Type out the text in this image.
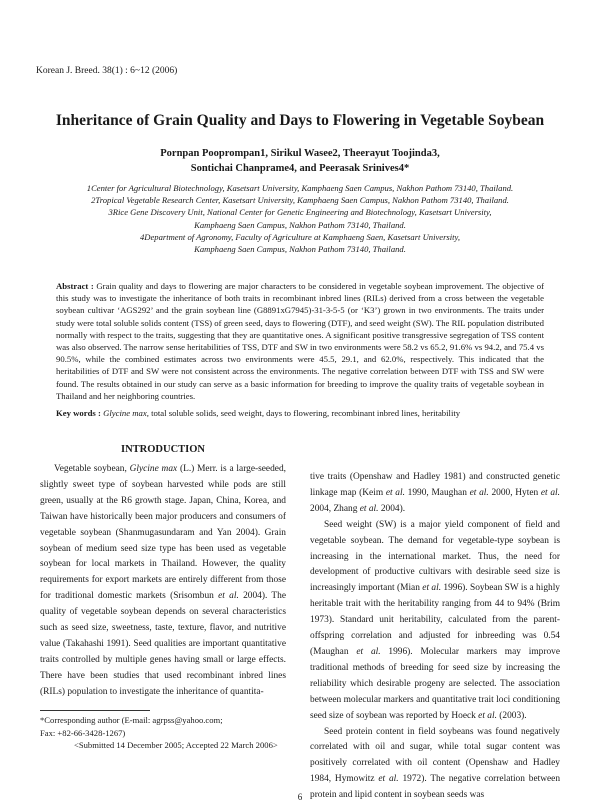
Korean J. Breed. 38(1) : 6~12 (2006)
Inheritance of Grain Quality and Days to Flowering in Vegetable Soybean
Pornpan Pooprompan1, Sirikul Wasee2, Theerayut Toojinda3,
Sontichai Chanprame4, and Peerasak Srinives4*
1Center for Agricultural Biotechnology, Kasetsart University, Kamphaeng Saen Campus, Nakhon Pathom 73140, Thailand.
2Tropical Vegetable Research Center, Kasetsart University, Kamphaeng Saen Campus, Nakhon Pathom 73140, Thailand.
3Rice Gene Discovery Unit, National Center for Genetic Engineering and Biotechnology, Kasetsart University,
Kamphaeng Saen Campus, Nakhon Pathom 73140, Thailand.
4Department of Agronomy, Faculty of Agriculture at Kamphaeng Saen, Kasetsart University,
Kamphaeng Saen Campus, Nakhon Pathom 73140, Thailand.
Abstract : Grain quality and days to flowering are major characters to be considered in vegetable soybean improvement. The objective of this study was to investigate the inheritance of both traits in recombinant inbred lines (RILs) derived from a cross between the vegetable soybean cultivar ‘AGS292’ and the grain soybean line (G8891xG7945)-31-3-5-5 (or ‘K3’) grown in two environments. The traits under study were total soluble solids content (TSS) of green seed, days to flowering (DTF), and seed weight (SW). The RIL population distributed normally with respect to the traits, suggesting that they are quantitative ones. A significant positive transgressive segregation of TSS content was also observed. The narrow sense heritabilities of TSS, DTF and SW in two environments were 58.2 vs 65.2, 91.6% vs 94.2, and 75.4 vs 90.5%, while the combined estimates across two environments were 45.5, 29.1, and 62.0%, respectively. This indicated that the heritabilities of DTF and SW were not consistent across the environments. The negative correlation between DTF with TSS and SW were found. The results obtained in our study can serve as a basic information for breeding to improve the quality traits of vegetable soybean in Thailand and her neighboring countries.
Key words : Glycine max, total soluble solids, seed weight, days to flowering, recombinant inbred lines, heritability
INTRODUCTION

Vegetable soybean, Glycine max (L.) Merr. is a large-seeded, slightly sweet type of soybean harvested while pods are still green, usually at the R6 growth stage. Japan, China, Korea, and Taiwan have historically been major producers and consumers of vegetable soybean (Shanmugasundaram and Yan 2004). Grain soybean of medium seed size type has been used as vegetable soybean for local markets in Thailand. However, the quality requirements for export markets are entirely different from those for traditional domestic markets (Srisombun et al. 2004). The quality of vegetable soybean depends on several characteristics such as seed size, sweetness, taste, texture, flavor, and nutritive value (Takahashi 1991). Seed qualities are important quantitative traits controlled by multiple genes having small or large effects. There have been studies that used recombinant inbred lines (RILs) population to investigate the inheritance of quantita-

tive traits (Openshaw and Hadley 1981) and constructed genetic linkage map (Keim et al. 1990, Maughan et al. 2000, Hyten et al. 2004, Zhang et al. 2004).

Seed weight (SW) is a major yield component of field and vegetable soybean. The demand for vegetable-type soybean is increasing in the international market. Thus, the need for development of productive cultivars with desirable seed size is increasingly important (Mian et al. 1996). Soybean SW is a highly heritable trait with the heritability ranging from 44 to 94% (Brim 1973). Standard unit heritability, calculated from the parent-offspring correlation and adjusted for inbreeding was 0.54 (Maughan et al. 1996). Molecular markers may improve traditional methods of breeding for seed size by increasing the reliability which desirable progeny are selected. The association between molecular markers and quantitative trait loci conditioning seed size of soybean was reported by Hoeck et al. (2003).

Seed protein content in field soybeans was found negatively correlated with oil and sugar, while total sugar content was positively correlated with oil content (Openshaw and Hadley 1984, Hymowitz et al. 1972). The negative correlation between protein and lipid content in soybean seeds was

*Corresponding author (E-mail: agrpss@yahoo.com;
Fax: +82-66-3428-1267)
<Submitted 14 December 2005; Accepted 22 March 2006>
6
